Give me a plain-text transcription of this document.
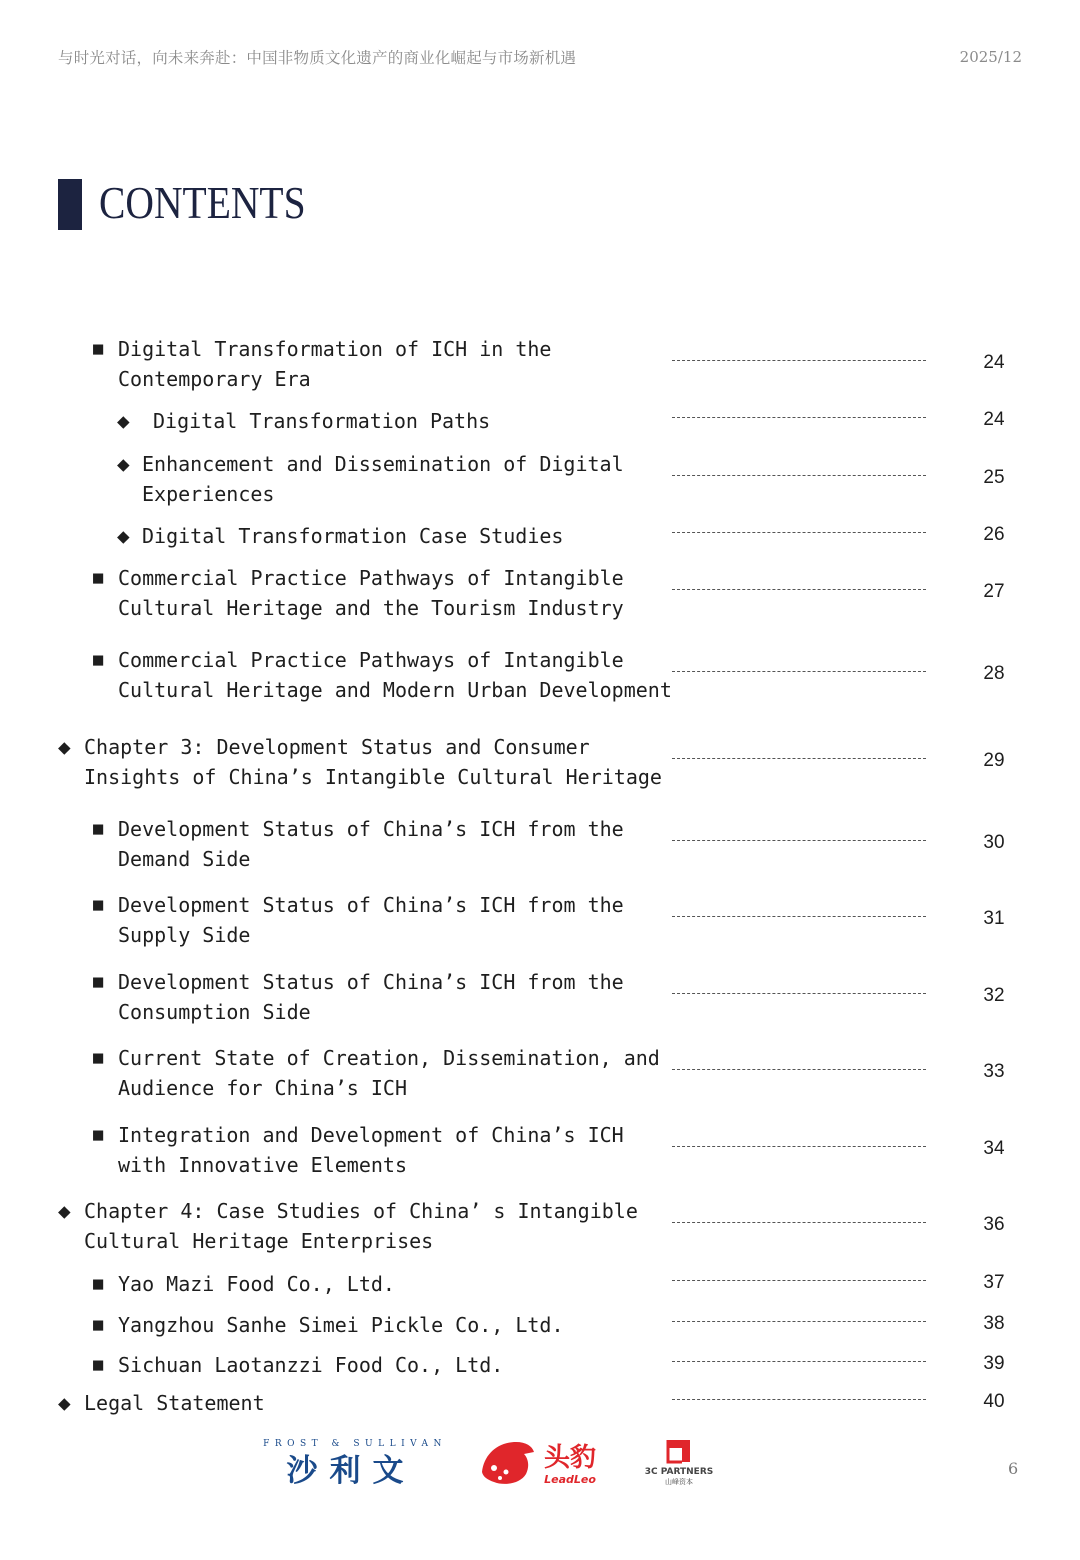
与时光对话，向未来奔赴：中国非物质文化遗产的商业化崛起与市场新机遇	2025/12
CONTENTS
■ Digital Transformation of ICH in the
Contemporary Era
24
◆ Digital Transformation Paths	24
◆ Enhancement and Dissemination of Digital
Experiences
25
◆ Digital Transformation Case Studies	26
■ Commercial Practice Pathways of Intangible
Cultural Heritage and the Tourism Industry
27
■ Commercial Practice Pathways of Intangible
Cultural Heritage and Modern Urban Development
28
◆ Chapter 3: Development Status and Consumer
Insights of China’s Intangible Cultural Heritage
29
■ Development Status of China’s ICH from the
Demand Side
30
■ Development Status of China’s ICH from the
Supply Side
31
■ Development Status of China’s ICH from the
Consumption Side
32
■ Current State of Creation, Dissemination, and
Audience for China’s ICH
33
■ Integration and Development of China’s ICH
with Innovative Elements
34
◆ Chapter 4: Case Studies of China’ s Intangible
Cultural Heritage Enterprises
36
■ Yao Mazi Food Co., Ltd.	37
■ Yangzhou Sanhe Simei Pickle Co., Ltd.	38
■ Sichuan Laotanzzi Food Co., Ltd.	39
◆ Legal Statement	40
FROST & SULLIVAN
沙利文	头豹
LeadLeo
3C PARTNERS
山峰资本
6
